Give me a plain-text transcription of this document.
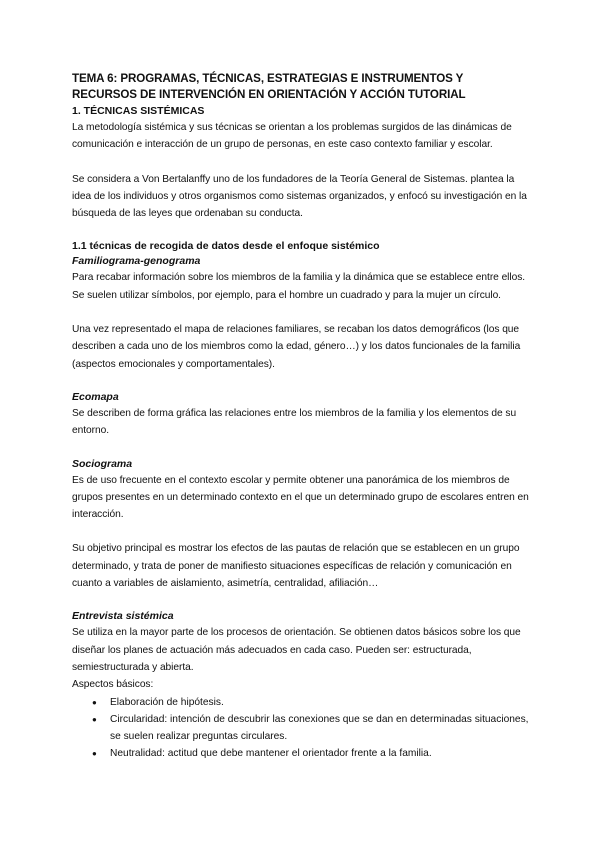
TEMA 6: PROGRAMAS, TÉCNICAS, ESTRATEGIAS E INSTRUMENTOS Y RECURSOS DE INTERVENCIÓN EN ORIENTACIÓN Y ACCIÓN TUTORIAL
1. TÉCNICAS SISTÉMICAS

La metodología sistémica y sus técnicas se orientan a los problemas surgidos de las dinámicas de comunicación e interacción de un grupo de personas, en este caso contexto familiar y escolar.

Se considera a Von Bertalanffy uno de los fundadores de la Teoría General de Sistemas. plantea la idea de los individuos y otros organismos como sistemas organizados, y enfocó su investigación en la búsqueda de las leyes que ordenaban su conducta.

1.1 técnicas de recogida de datos desde el enfoque sistémico
Familiograma-genograma

Para recabar información sobre los miembros de la familia y la dinámica que se establece entre ellos. Se suelen utilizar símbolos, por ejemplo, para el hombre un cuadrado y para la mujer un círculo.

Una vez representado el mapa de relaciones familiares, se recaban los datos demográficos (los que describen a cada uno de los miembros como la edad, género…) y los datos funcionales de la familia (aspectos emocionales y comportamentales).

Ecomapa

Se describen de forma gráfica las relaciones entre los miembros de la familia y los elementos de su entorno.

Sociograma

Es de uso frecuente en el contexto escolar y permite obtener una panorámica de los miembros de grupos presentes en un determinado contexto en el que un determinado grupo de escolares entren en interacción.

Su objetivo principal es mostrar los efectos de las pautas de relación que se establecen en un grupo determinado, y trata de poner de manifiesto situaciones específicas de relación y comunicación en cuanto a variables de aislamiento, asimetría, centralidad, afiliación…

Entrevista sistémica

Se utiliza en la mayor parte de los procesos de orientación. Se obtienen datos básicos sobre los que diseñar los planes de actuación más adecuados en cada caso. Pueden ser: estructurada, semiestructurada y abierta.

Aspectos básicos:

● Elaboración de hipótesis.
● Circularidad: intención de descubrir las conexiones que se dan en determinadas situaciones, se suelen realizar preguntas circulares.
● Neutralidad: actitud que debe mantener el orientador frente a la familia.
